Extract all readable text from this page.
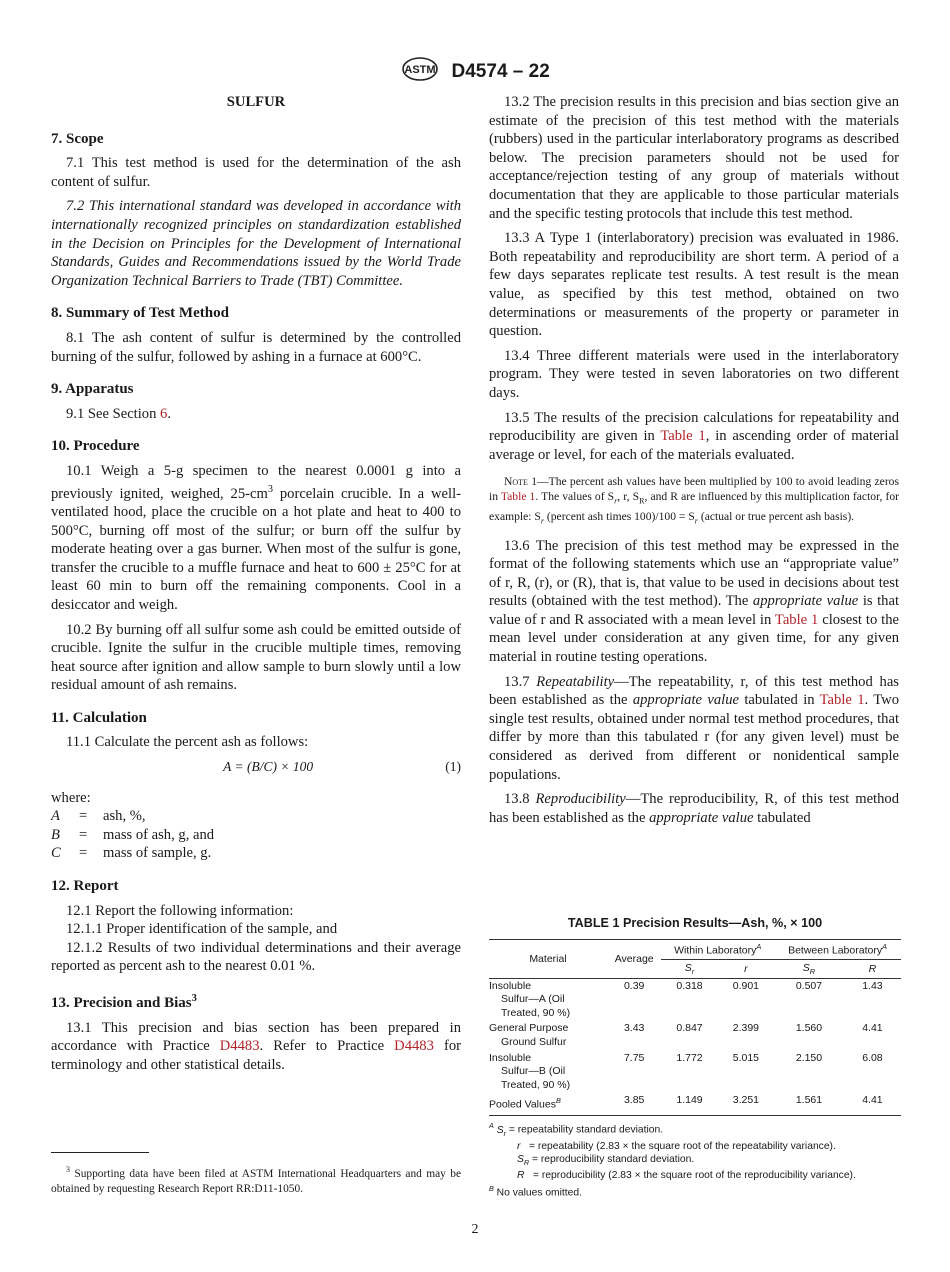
ASTM D4574 – 22

SULFUR

7. Scope

7.1 This test method is used for the determination of the ash content of sulfur.

7.2 This international standard was developed in accordance with internationally recognized principles on standardization established in the Decision on Principles for the Development of International Standards, Guides and Recommendations issued by the World Trade Organization Technical Barriers to Trade (TBT) Committee.

8. Summary of Test Method

8.1 The ash content of sulfur is determined by the controlled burning of the sulfur, followed by ashing in a furnace at 600°C.

9. Apparatus

9.1 See Section 6.

10. Procedure

10.1 Weigh a 5-g specimen to the nearest 0.0001 g into a previously ignited, weighed, $25-cm^3$ porcelain crucible. In a well-ventilated hood, place the crucible on a hot plate and heat to 400 to 500°C, burning off most of the sulfur; or burn off the sulfur by moderate heating over a gas burner. When most of the sulfur is gone, transfer the crucible to a muffle furnace and heat to 600 ± 25°C for at least 60 min to burn off the remaining components. Cool in a desiccator and weigh.

10.2 By burning off all sulfur some ash could be emitted outside of crucible. Ignite the sulfur in the crucible multiple times, removing heat source after ignition and allow sample to burn slowly until a low residual amount of ash remains.

11. Calculation

11.1 Calculate the percent ash as follows:

A = (B/C) × 100	(1)

where:

A	=	ash, %,
B	=	mass of ash, g, and
C	=	mass of sample, g.
12. Report

12.1 Report the following information:

12.1.1 Proper identification of the sample, and

12.1.2 Results of two individual determinations and their average reported as percent ash to the nearest 0.01 %.

13. Precision and Bias$^3$

13.1 This precision and bias section has been prepared in accordance with Practice D4483. Refer to Practice D4483 for terminology and other statistical details.

13.2 The precision results in this precision and bias section give an estimate of the precision of this test method with the materials (rubbers) used in the particular interlaboratory programs as described below. The precision parameters should not be used for acceptance/rejection testing of any group of materials without documentation that they are applicable to those particular materials and the specific testing protocols that include this test method.

13.3 A Type 1 (interlaboratory) precision was evaluated in 1986. Both repeatability and reproducibility are short term. A period of a few days separates replicate test results. A test result is the mean value, as specified by this test method, obtained on two determinations or measurements of the property or parameter in question.

13.4 Three different materials were used in the interlaboratory program. They were tested in seven laboratories on two different days.

13.5 The results of the precision calculations for repeatability and reproducibility are given in Table 1, in ascending order of material average or level, for each of the materials evaluated.

Note 1—The percent ash values have been multiplied by 100 to avoid leading zeros in Table 1. The values of $S_r$, r, $S_R$, and R are influenced by this multiplication factor, for example: $S_r$ (percent ash times $100)/100 = S_r$ (actual or true percent ash basis).

13.6 The precision of this test method may be expressed in the format of the following statements which use an “appropriate value” of r, R, (r), or (R), that is, that value to be used in decisions about test results (obtained with the test method). The appropriate value is that value of r and R associated with a mean level in Table 1 closest to the mean level under consideration at any given time, for any given material in routine testing operations.

13.7 Repeatability—The repeatability, r, of this test method has been established as the appropriate value tabulated in Table 1. Two single test results, obtained under normal test method procedures, that differ by more than this tabulated r (for any given level) must be considered as derived from different or nonidentical sample populations.

13.8 Reproducibility—The reproducibility, R, of this test method has been established as the appropriate value tabulated

TABLE 1 Precision Results—Ash, %, × 100
Material	Average	Within Laboratory$^A$		Between Laboratory$^A$
		$S_r$	r	$S_R$	R
Insoluble
Sulfur—A (Oil
Treated, 90 %)	0.39	0.318	0.901	0.507	1.43
General Purpose
Ground Sulfur	3.43	0.847	2.399	1.560	4.41
Insoluble
Sulfur—B (Oil
Treated, 90 %)	7.75	1.772	5.015	2.150	6.08
Pooled Values$^B$	3.85	1.149	3.251	1.561	4.41
$^A$ $S_r$ = repeatability standard deviation.
r   = repeatability (2.83 × the square root of the repeatability variance).
$S_R$ = reproducibility standard deviation.
R   = reproducibility (2.83 × the square root of the reproducibility variance).
$^B$ No values omitted.

$^3$ Supporting data have been filed at ASTM International Headquarters and may be obtained by requesting Research Report RR:D11-1050.

2
